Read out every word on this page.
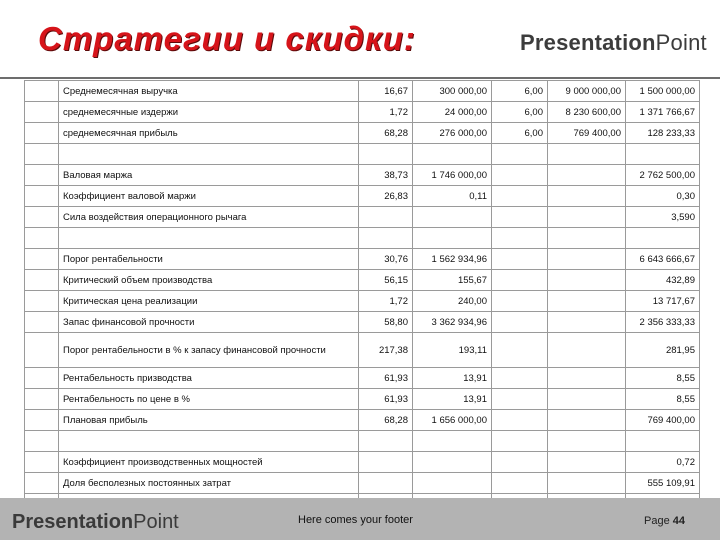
Стратегии и скидки:	PresentationPoint
	Среднемесячная выручка	16,67	300 000,00	6,00	9 000 000,00	1 500 000,00
	среднемесячные издержи	1,72	24 000,00	6,00	8 230 600,00	1 371 766,67
	среднемесячная прибыль	68,28	276 000,00	6,00	769 400,00	128 233,33

	Валовая маржа	38,73	1 746 000,00			2 762 500,00
	Коэффициент валовой маржи	26,83	0,11			0,30
	Сила воздействия операционного рычага					3,590

	Порог рентабельности	30,76	1 562 934,96			6 643 666,67
	Критический объем производства	56,15	155,67			432,89
	Критическая цена реализации	1,72	240,00			13 717,67
	Запас финансовой прочности	58,80	3 362 934,96			2 356 333,33
	Порог рентабельности в % к запасу финансовой прочности	217,38	193,11			281,95
	Рентабельность призводства	61,93	13,91			8,55
	Рентабельность по цене в %	61,93	13,91			8,55
	Плановая прибыль	68,28	1 656 000,00			769 400,00

	Коэффициент производственных мощностей					0,72
	Доля бесполезных постоянных затрат					555 109,91

PresentationPoint	Here comes your footer	Page 44
